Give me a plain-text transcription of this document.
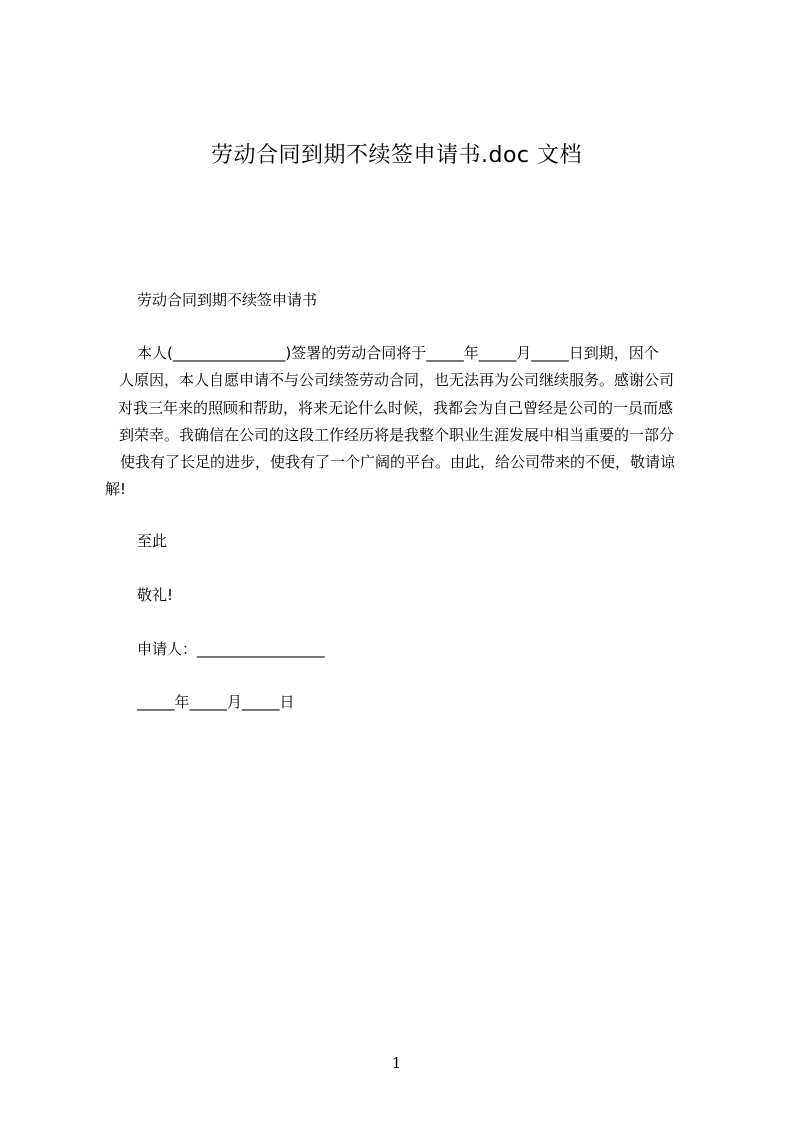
劳动合同到期不续签申请书.doc 文档
劳动合同到期不续签申请书
本人(_______________)签署的劳动合同将于_____年_____月_____日到期，因个
人原因，本人自愿申请不与公司续签劳动合同，也无法再为公司继续服务。感谢公司
对我三年来的照顾和帮助，将来无论什么时候，我都会为自己曾经是公司的一员而感
到荣幸。我确信在公司的这段工作经历将是我整个职业生涯发展中相当重要的一部分
使我有了长足的进步，使我有了一个广阔的平台。由此，给公司带来的不便，敬请谅
解!
至此
敬礼!
申请人：_________________
_____年_____月_____日
1
